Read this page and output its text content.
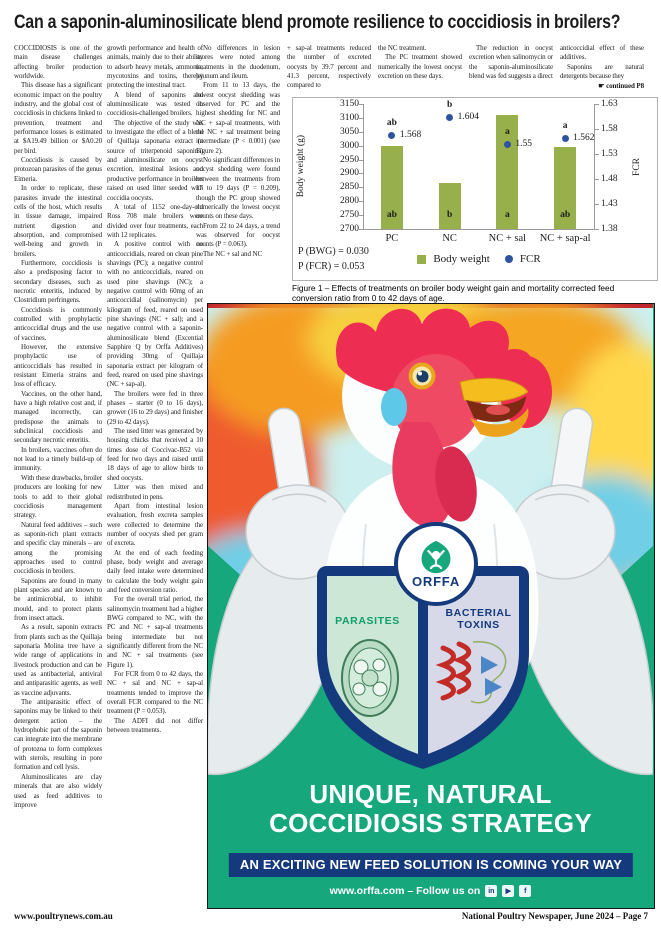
Can a saponin-aluminosilicate blend promote resilience to coccidiosis in broilers?

COCCIDIOSIS is one of the main disease challenges affecting broiler production worldwide.

This disease has a significant economic impact on the poultry industry, and the global cost of coccidiosis in chickens linked to prevention, treatment and performance losses is estimated at $A19.49 billion or $A0.20 per bird.

Coccidiosis is caused by protozoan parasites of the genus Eimeria.

In order to replicate, these parasites invade the intestinal cells of the host, which results in tissue damage, impaired nutrient digestion and absorption, and compromised well-being and growth in broilers.

Furthermore, coccidiosis is also a predisposing factor to secondary diseases, such as necrotic enteritis, induced by Clostridium perfringens.

Coccidiosis is commonly controlled with prophylactic anticoccidial drugs and the use of vaccines.

However, the extensive prophylactic use of anticoccidials has resulted in resistant Eimeria strains and loss of efficacy.

Vaccines, on the other hand, have a high relative cost and, if managed incorrectly, can predispose the animals to subclinical coccidiosis and secondary necrotic enteritis.

In broilers, vaccines often do not lead to a timely build-up of immunity.

With these drawbacks, broiler producers are looking for new tools to add to their global coccidiosis management strategy.

Natural feed additives – such as saponin-rich plant extracts and specific clay minerals – are among the promising approaches used to control coccidiosis in broilers.

Saponins are found in many plant species and are known to be antimicrobial, to inhibit mould, and to protect plants from insect attack.

As a result, saponin extracts from plants such as the Quillaja saponaria Molina tree have a wide range of applications in livestock production and can be used as antibacterial, antiviral and antiparasitic agents, as well as vaccine adjuvants.

The antiparasitic effect of saponins may be linked to their detergent action – the hydrophobic part of the saponin can integrate into the membrane of protozoa to form complexes with sterols, resulting in pore formation and cell lysis.

Aluminosilicates are clay minerals that are also widely used as feed additives to improve

growth performance and health of animals, mainly due to their ability to adsorb heavy metals, ammonia, mycotoxins and toxins, thereby protecting the intestinal tract.

A blend of saponins and aluminosilicate was tested in coccidiosis-challenged broilers.

The objective of the study was to investigate the effect of a blend of Quillaja saponaria extract (a source of triterpenoid saponins) and aluminosilicate on oocyst excretion, intestinal lesions and productive performance in broilers raised on used litter seeded with coccidia oocysts.

A total of 1152 one-day-old Ross 708 male broilers were divided over four treatments, each with 12 replicates.

A positive control with no anticoccidials, reared on clean pine shavings (PC); a negative control with no anticoccidials, reared on used pine shavings (NC); a negative control with 60mg of an anticoccidial (salinomycin) per kilogram of feed, reared on used pine shavings (NC + sal); and a negative control with a saponin-aluminosilicate blend (Excential Sapphire Q by Orffa Additives) providing 30mg of Quillaja saponaria extract per kilogram of feed, reared on used pine shavings (NC + sap-al).

The broilers were fed in three phases – starter (0 to 16 days), grower (16 to 29 days) and finisher (29 to 42 days).

The used litter was generated by housing chicks that received a 10 times dose of Coccivac-B52 via feed for two days and raised until 18 days of age to allow birds to shed oocysts.

Litter was then mixed and redistributed in pens.

Apart from intestinal lesion evaluation, fresh excreta samples were collected to determine the number of oocysts shed per gram of excreta.

At the end of each feeding phase, body weight and average daily feed intake were determined to calculate the body weight gain and feed conversion ratio.

For the overall trial period, the salinomycin treatment had a higher BWG compared to NC, with the PC and NC + sap-al treatments being intermediate but not significantly different from the NC and NC + sal treatments (see Figure 1).

For FCR from 0 to 42 days, the NC + sal and NC + sap-al treatments tended to improve the overall FCR compared to the NC treatment (P = 0.053).

The ADFI did not differ between treatments.

No differences in lesion scores were noted among treatments in the duodenum, jejunum and ileum.

From 11 to 13 days, the lowest oocyst shedding was observed for PC and the highest shedding for NC and NC + sap-al treatments, with the NC + sal treatment being intermediate (P < 0.001) (see Figure 2).

No significant differences in oocyst shedding were found between the treatments from 17 to 19 days (P = 0.209), though the PC group showed numerically the lowest oocyst counts on these days.

From 22 to 24 days, a trend was observed for oocyst counts (P = 0.063).

The NC + sal and NC

+ sap-al treatments reduced the number of excreted oocysts by 39.7 percent and 41.3 percent, respectively compared to

the NC treatment.

The PC treatment showed numerically the lowest oocyst excretion on these days.

The reduction in oocyst excretion when salinomycin or the saponin-aluminosilicate blend was fed suggests a direct

anticoccidial effect of these additives.

Saponins are natural detergents because they

☛ continued P8
Body weight (g)	FCR
P (BWG) = 0.030
P (FCR) = 0.053
Body weight	FCR
3150
3100
3050
3000
2950
2900
2850
2800
2750
2700
1.63
1.58
1.53
1.48
1.43
1.38
PC
ab
1.568
ab
NC
b
1.604
b
NC + sal
a
1.55
a
NC + sap-al
ab
1.562
a
Figure 1 – Effects of treatments on broiler body weight gain and mortality corrected feed conversion ratio from 0 to 42 days of age.
PARASITES
BACTERIAL TOXINS
ORFFA
UNIQUE, NATURAL
COCCIDIOSIS STRATEGY
AN EXCITING NEW FEED SOLUTION IS COMING YOUR WAY
www.orffa.com – Follow us on	in	▶	f
www.poultrynews.com.au	National Poultry Newspaper, June 2024 – Page 7
